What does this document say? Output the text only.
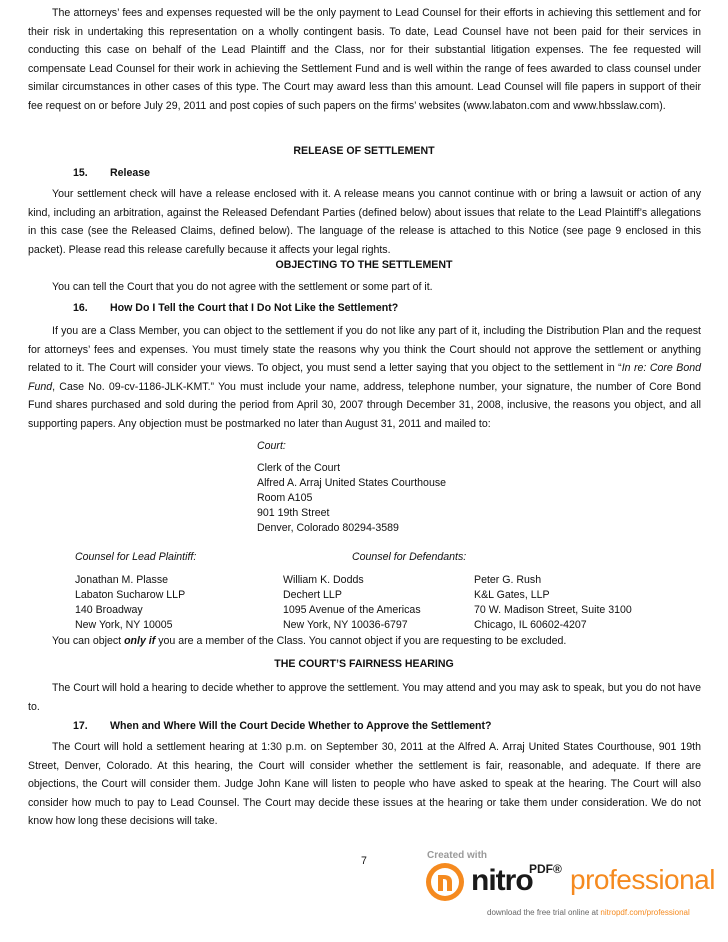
The attorneys’ fees and expenses requested will be the only payment to Lead Counsel for their efforts in achieving this settlement and for their risk in undertaking this representation on a wholly contingent basis. To date, Lead Counsel have not been paid for their services in conducting this case on behalf of the Lead Plaintiff and the Class, nor for their substantial litigation expenses. The fee requested will compensate Lead Counsel for their work in achieving the Settlement Fund and is well within the range of fees awarded to class counsel under similar circumstances in other cases of this type. The Court may award less than this amount. Lead Counsel will file papers in support of their fee request on or before July 29, 2011 and post copies of such papers on the firms’ websites (www.labaton.com and www.hbsslaw.com).

RELEASE OF SETTLEMENT

15. Release

Your settlement check will have a release enclosed with it. A release means you cannot continue with or bring a lawsuit or action of any kind, including an arbitration, against the Released Defendant Parties (defined below) about issues that relate to the Lead Plaintiff’s allegations in this case (see the Released Claims, defined below). The language of the release is attached to this Notice (see page 9 enclosed in this packet). Please read this release carefully because it affects your legal rights.

OBJECTING TO THE SETTLEMENT

You can tell the Court that you do not agree with the settlement or some part of it.

16. How Do I Tell the Court that I Do Not Like the Settlement?

If you are a Class Member, you can object to the settlement if you do not like any part of it, including the Distribution Plan and the request for attorneys’ fees and expenses. You must timely state the reasons why you think the Court should not approve the settlement or anything related to it. The Court will consider your views. To object, you must send a letter saying that you object to the settlement in “In re: Core Bond Fund, Case No. 09-cv-1186-JLK-KMT.” You must include your name, address, telephone number, your signature, the number of Core Bond Fund shares purchased and sold during the period from April 30, 2007 through December 31, 2008, inclusive, the reasons you object, and all supporting papers. Any objection must be postmarked no later than August 31, 2011 and mailed to:

Court:
Clerk of the Court
Alfred A. Arraj United States Courthouse
Room A105
901 19th Street
Denver, Colorado 80294-3589
Counsel for Lead Plaintiff:	Counsel for Defendants:
Jonathan M. Plasse
Labaton Sucharow LLP
140 Broadway
New York, NY 10005
William K. Dodds
Dechert LLP
1095 Avenue of the Americas
New York, NY 10036-6797
Peter G. Rush
K&L Gates, LLP
70 W. Madison Street, Suite 3100
Chicago, IL 60602-4207

You can object only if you are a member of the Class. You cannot object if you are requesting to be excluded.

THE COURT’S FAIRNESS HEARING

The Court will hold a hearing to decide whether to approve the settlement. You may attend and you may ask to speak, but you do not have to.

17. When and Where Will the Court Decide Whether to Approve the Settlement?

The Court will hold a settlement hearing at 1:30 p.m. on September 30, 2011 at the Alfred A. Arraj United States Courthouse, 901 19th Street, Denver, Colorado. At this hearing, the Court will consider whether the settlement is fair, reasonable, and adequate. If there are objections, the Court will consider them. Judge John Kane will listen to people who have asked to speak at the hearing. The Court will also consider how much to pay to Lead Counsel. The Court may decide these issues at the hearing or take them under consideration. We do not know how long these decisions will take.

7	Created with
nitro
PDF® professional
download the free trial online at nitropdf.com/professional
